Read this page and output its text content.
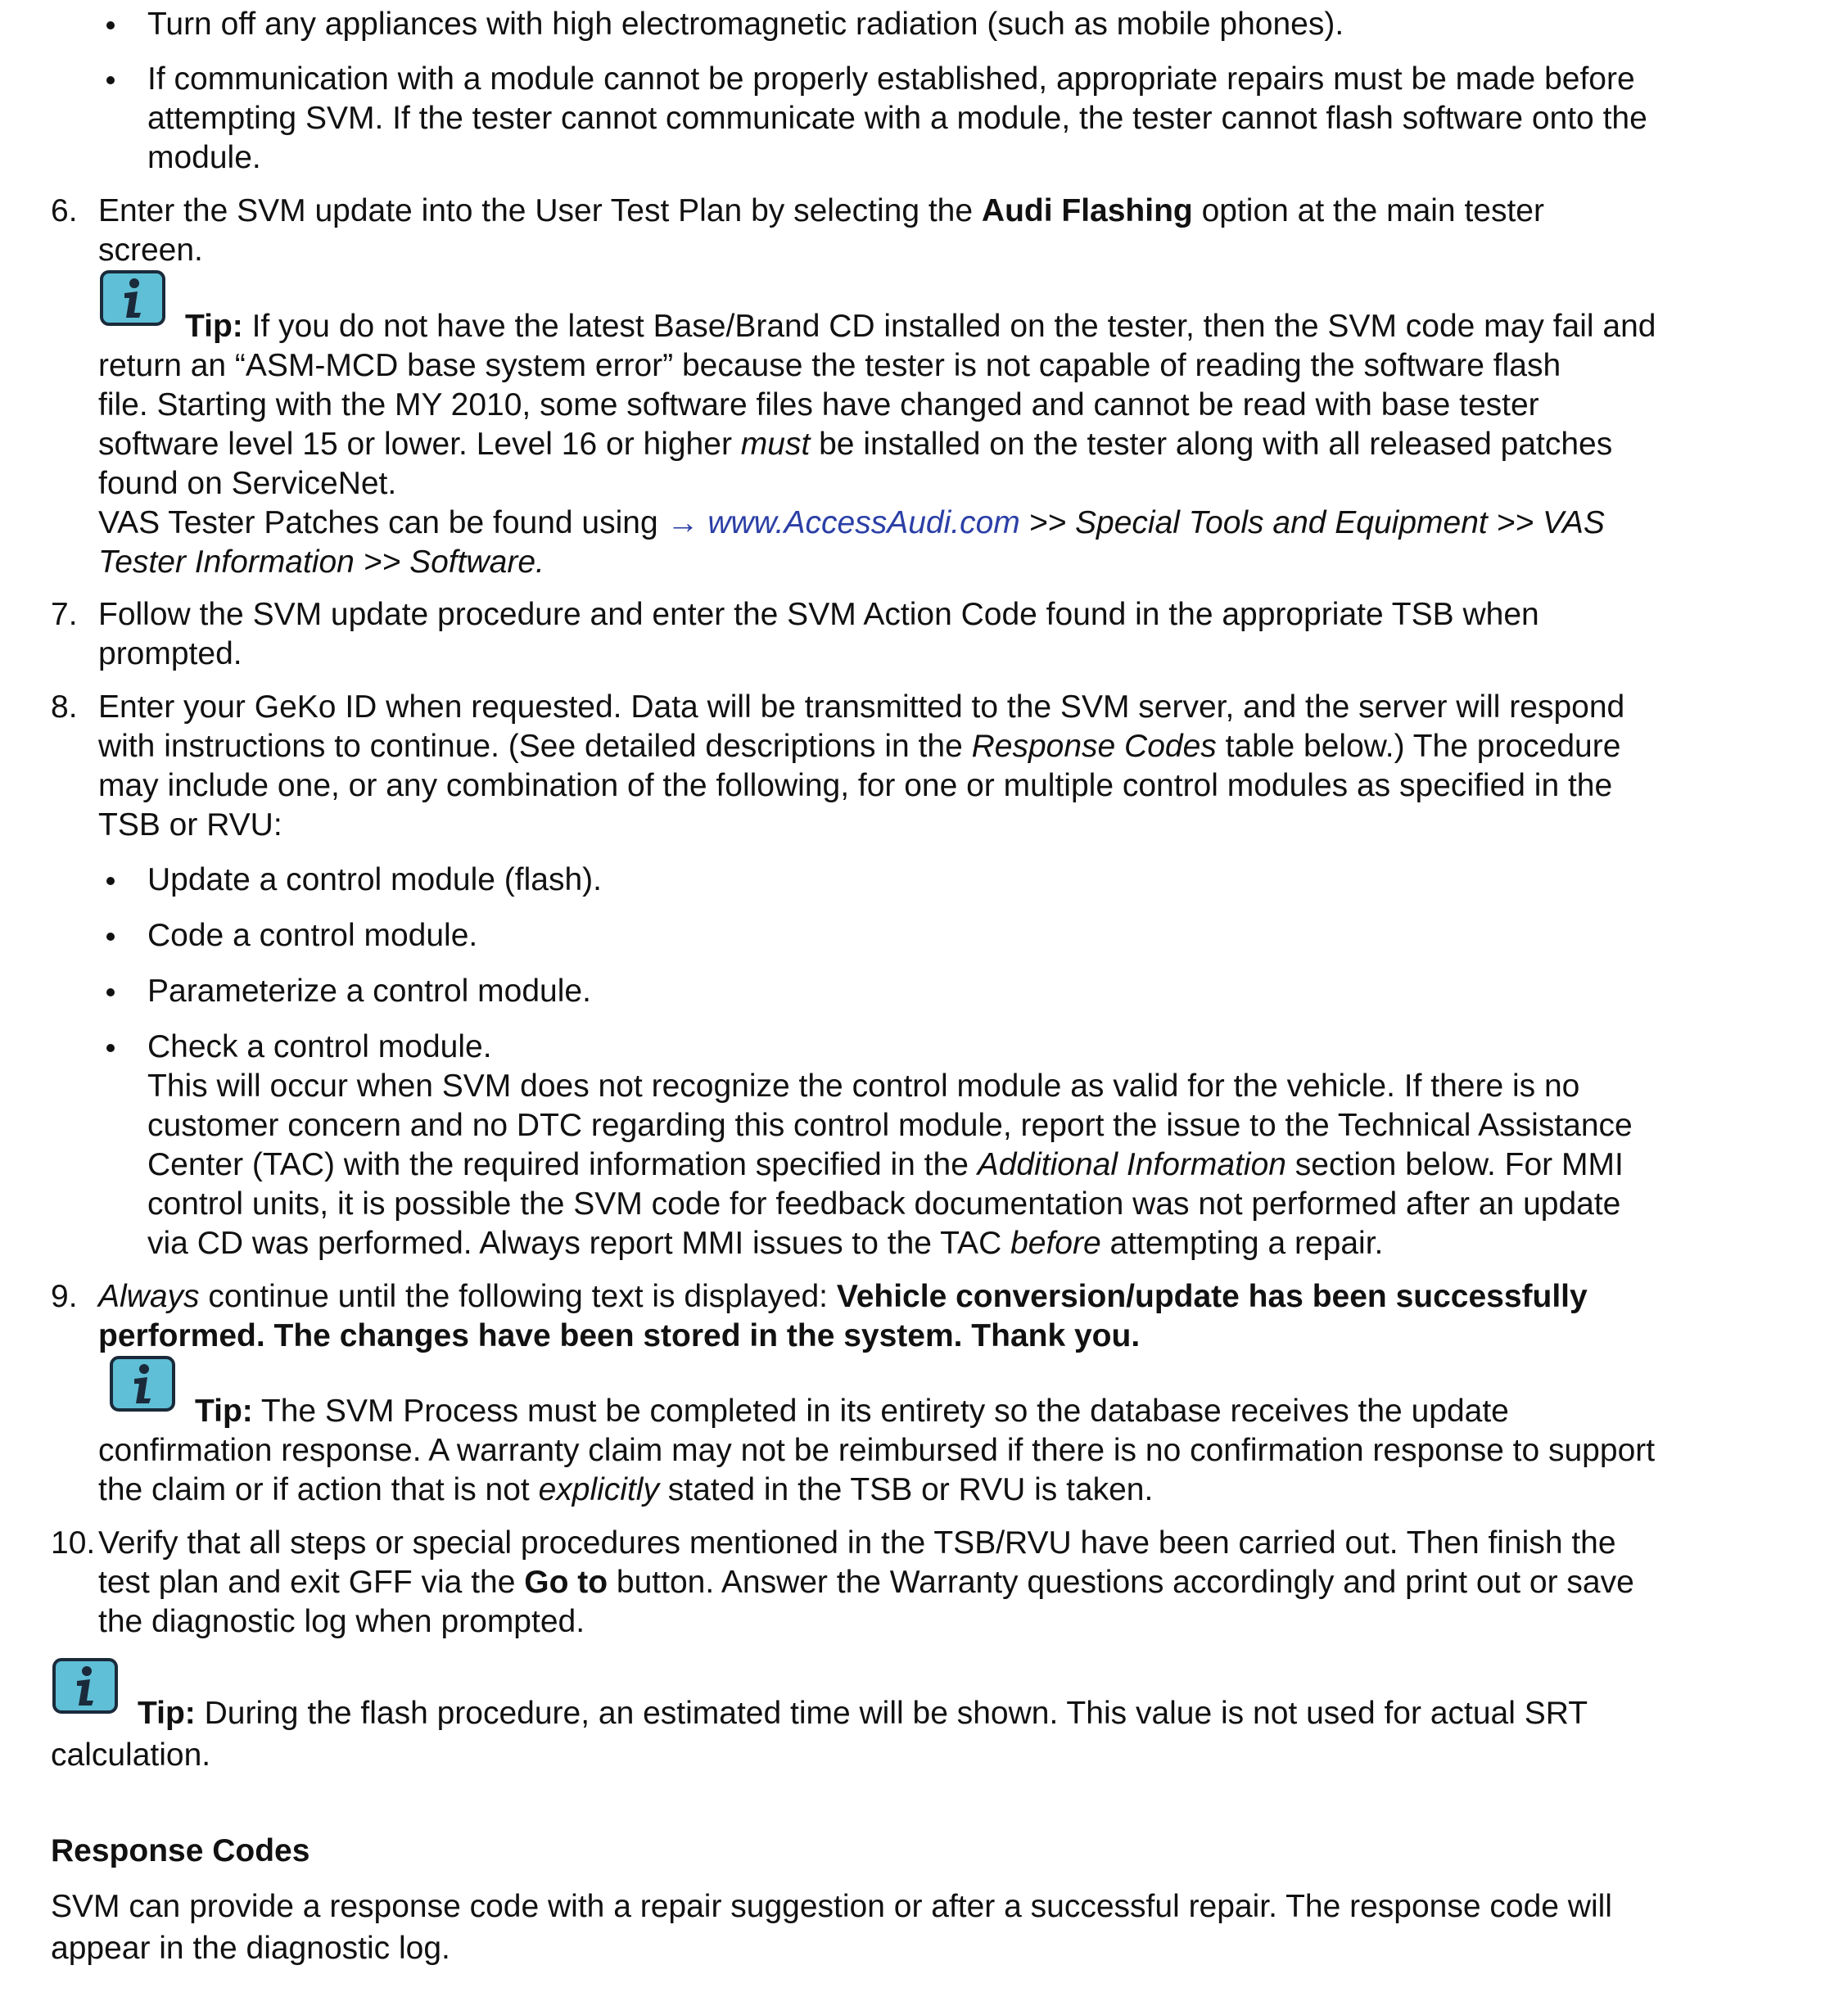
Turn off any appliances with high electromagnetic radiation (such as mobile phones).
If communication with a module cannot be properly established, appropriate repairs must be made before
attempting SVM. If the tester cannot communicate with a module, the tester cannot flash software onto the
module.
6. Enter the SVM update into the User Test Plan by selecting the Audi Flashing option at the main tester
screen.
Tip: If you do not have the latest Base/Brand CD installed on the tester, then the SVM code may fail and
return an “ASM-MCD base system error” because the tester is not capable of reading the software flash
file. Starting with the MY 2010, some software files have changed and cannot be read with base tester
software level 15 or lower. Level 16 or higher must be installed on the tester along with all released patches
found on ServiceNet.
VAS Tester Patches can be found using → www.AccessAudi.com >> Special Tools and Equipment >> VAS
Tester Information >> Software.
7. Follow the SVM update procedure and enter the SVM Action Code found in the appropriate TSB when
prompted.
8. Enter your GeKo ID when requested. Data will be transmitted to the SVM server, and the server will respond
with instructions to continue. (See detailed descriptions in the Response Codes table below.) The procedure
may include one, or any combination of the following, for one or multiple control modules as specified in the
TSB or RVU:
Update a control module (flash).
Code a control module.
Parameterize a control module.
Check a control module.
This will occur when SVM does not recognize the control module as valid for the vehicle. If there is no
customer concern and no DTC regarding this control module, report the issue to the Technical Assistance
Center (TAC) with the required information specified in the Additional Information section below. For MMI
control units, it is possible the SVM code for feedback documentation was not performed after an update
via CD was performed. Always report MMI issues to the TAC before attempting a repair.
9. Always continue until the following text is displayed: Vehicle conversion/update has been successfully
performed. The changes have been stored in the system. Thank you.
Tip: The SVM Process must be completed in its entirety so the database receives the update
confirmation response. A warranty claim may not be reimbursed if there is no confirmation response to support
the claim or if action that is not explicitly stated in the TSB or RVU is taken.
10. Verify that all steps or special procedures mentioned in the TSB/RVU have been carried out. Then finish the
test plan and exit GFF via the Go to button. Answer the Warranty questions accordingly and print out or save
the diagnostic log when prompted.
Tip: During the flash procedure, an estimated time will be shown. This value is not used for actual SRT
calculation.
Response Codes
SVM can provide a response code with a repair suggestion or after a successful repair. The response code will
appear in the diagnostic log.
